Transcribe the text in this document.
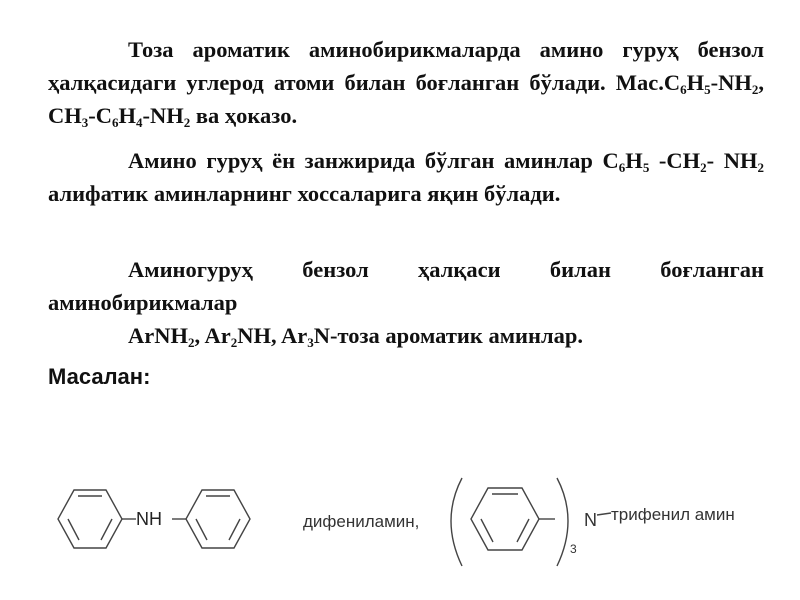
Тоза ароматик аминобирикмаларда амино гуруҳ бензол ҳалқасидаги углерод атоми билан боғланган бўлади. $Мас.C_6H_5-NH_2$, $CH_3-C_6H_4-NH_2$ ва ҳоказо.
Амино гуруҳ ён занжирида бўлган аминлар $C_6H_5$ $-CH_2-$ $NH_2$ алифатик аминларнинг хоссаларига яқин бўлади.
Аминогуруҳ бензол ҳалқаси билан боғланган аминобирикмалар
ArNH$_2$, $Ar_2NH$, $Ar_3N$-тоза ароматик аминлар.
Масалан:
NH	дифениламин,	N
3
трифенил амин
